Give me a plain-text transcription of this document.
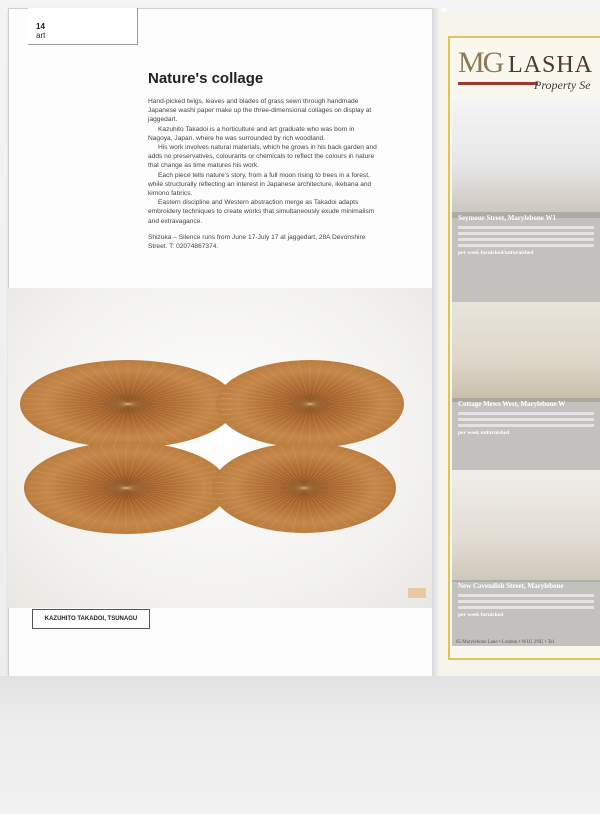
14
art
Nature's collage

Hand-picked twigs, leaves and blades of grass sewn through handmade Japanese washi paper make up the three-dimensional collages on display at jaggedart.

Kazuhito Takadoi is a horticulture and art graduate who was born in Nagoya, Japan, where he was surrounded by rich woodland.

His work involves natural materials, which he grows in his back garden and adds no preservatives, colourants or chemicals to reflect the colours in nature that change as time matures his work.

Each piece tells nature's story, from a full moon rising to trees in a forest, while structurally reflecting an interest in Japanese architecture, ikebana and kimono fabrics.

Eastern discipline and Western abstraction merge as Takadoi adapts embroidery techniques to create works that simultaneously exude minimalism and extravagance.

Shizuka – Silence runs from June 17-July 17 at jaggedart, 28A Devonshire Street. T: 02074867374.

KAZUHITO TAKADOI, TSUNAGU
MG LASHA
Property Se
Seymour Street, Marylebone W1
per week furnished/unfurnished
Cottage Mews West, Marylebone W
per week unfurnished
New Cavendish Street, Marylebone
per week furnished
65 Marylebone Lane • London • W1U 2NU • Tel
